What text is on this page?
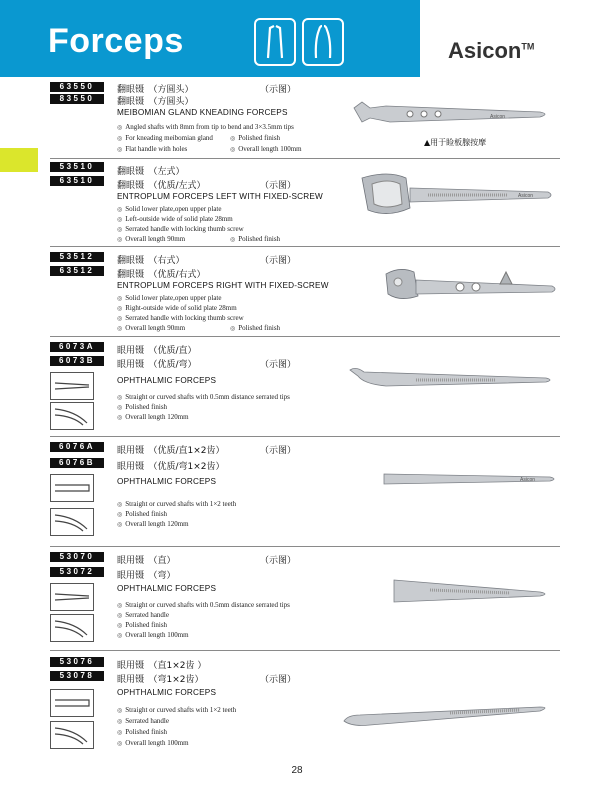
Forceps	Asicon™
63550
83550
翻眼镊　（方圆头）	（示图）
翻眼镊　（方圆头）
MEIBOMIAN GLAND KNEADING FORCEPS
◎ Angled shafts with 8mm from tip to bend and 3×3.5mm tips
◎ For kneading meibomian gland	◎ Polished finish
◎ Flat handle with holes	◎ Overall length 100mm
Asicon
▲用于睑板腺按摩
53510
63510
翻眼镊　（左式）
翻眼镊　（优质/左式）	（示图）
ENTROPLUM FORCEPS LEFT WITH FIXED-SCREW
◎ Solid lower plate,open upper plate
◎ Left-outside wide of solid plate 28mm
◎ Serrated handle with locking thumb screw
◎ Overall length 90mm	◎ Polished finish
Asicon
53512
63512
翻眼镊　（右式）	（示图）
翻眼镊　（优质/右式）
ENTROPLUM FORCEPS RIGHT WITH FIXED-SCREW
◎ Solid lower plate,open upper plate
◎ Right-outside wide of solid plate 28mm
◎ Serrated handle with locking thumb screw
◎ Overall length 90mm	◎ Polished finish
6073A
6073B
眼用镊　（优质/直）
眼用镊　（优质/弯）	（示图）
OPHTHALMIC FORCEPS
◎ Straight or curved shafts with 0.5mm distance serrated tips
◎ Polished finish
◎ Overall length 120mm
6076A
6076B
眼用镊　（优质/直1×2齿）	（示图）
眼用镊　（优质/弯1×2齿）
OPHTHALMIC FORCEPS
◎ Straight or curved shafts with 1×2 teeth
◎ Polished finish
◎ Overall length 120mm
Asicon
53070
53072
眼用镊　（直）	（示图）
眼用镊　（弯）
OPHTHALMIC FORCEPS
◎ Straight or curved shafts with 0.5mm distance serrated tips
◎ Serrated handle
◎ Polished finish
◎ Overall length 100mm
53076
53078
眼用镊　（直1×2齿 ）
眼用镊　（弯1×2齿）	（示图）
OPHTHALMIC FORCEPS
◎ Straight or curved shafts with 1×2 teeth
◎ Serrated handle
◎ Polished finish
◎ Overall length 100mm
28
